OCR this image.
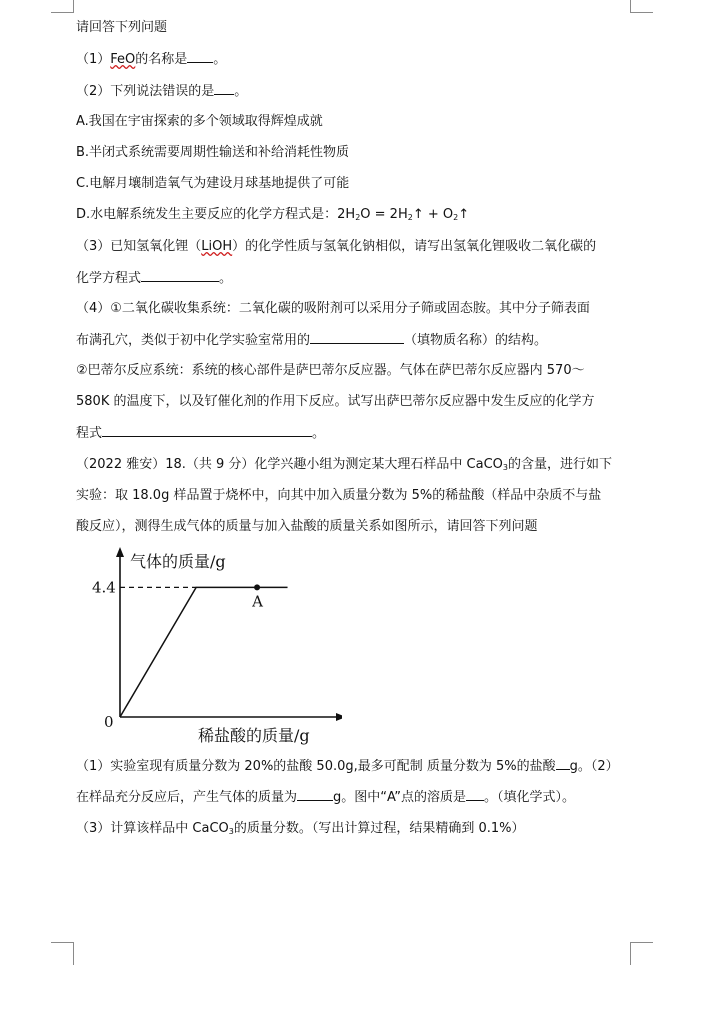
请回答下列问题
（1）FeO的名称是 。
（2）下列说法错误的是 。
A.我国在宇宙探索的多个领域取得辉煌成就
B.半闭式系统需要周期性输送和补给消耗性物质
C.电解月壤制造氧气为建设月球基地提供了可能
D.水电解系统发生主要反应的化学方程式是：$2H_2O$ = $2H_2↑$ + $O_2↑$
（3）已知氢氧化锂（LiOH）的化学性质与氢氧化钠相似，请写出氢氧化锂吸收二氧化碳的
化学方程式	。
（4）①二氧化碳收集系统：二氧化碳的吸附剂可以采用分子筛或固态胺。其中分子筛表面
布满孔穴，类似于初中化学实验室常用的	（填物质名称）的结构。
②巴蒂尔反应系统：系统的核心部件是萨巴蒂尔反应器。气体在萨巴蒂尔反应器内 570～
580K 的温度下，以及钌催化剂的作用下反应。试写出萨巴蒂尔反应器中发生反应的化学方
程式	。
（2022 雅安）18.（共 9 分）化学兴趣小组为测定某大理石样品中 CaCO$_3$的含量，进行如下
实验：取 18.0g 样品置于烧杯中，向其中加入质量分数为 5%的稀盐酸（样品中杂质不与盐
酸反应），测得生成气体的质量与加入盐酸的质量关系如图所示，请回答下列问题
气体的质量/g
稀盐酸的质量/g
0
4.4
A
（1）实验室现有质量分数为 20%的盐酸 50.0g,最多可配制 质量分数为 5%的盐酸 g。（2）
在样品充分反应后，产生气体的质量为	g。图中“A”点的溶质是 。（填化学式）。
（3）计算该样品中 CaCO$_3$的质量分数。（写出计算过程，结果精确到 0.1%）
